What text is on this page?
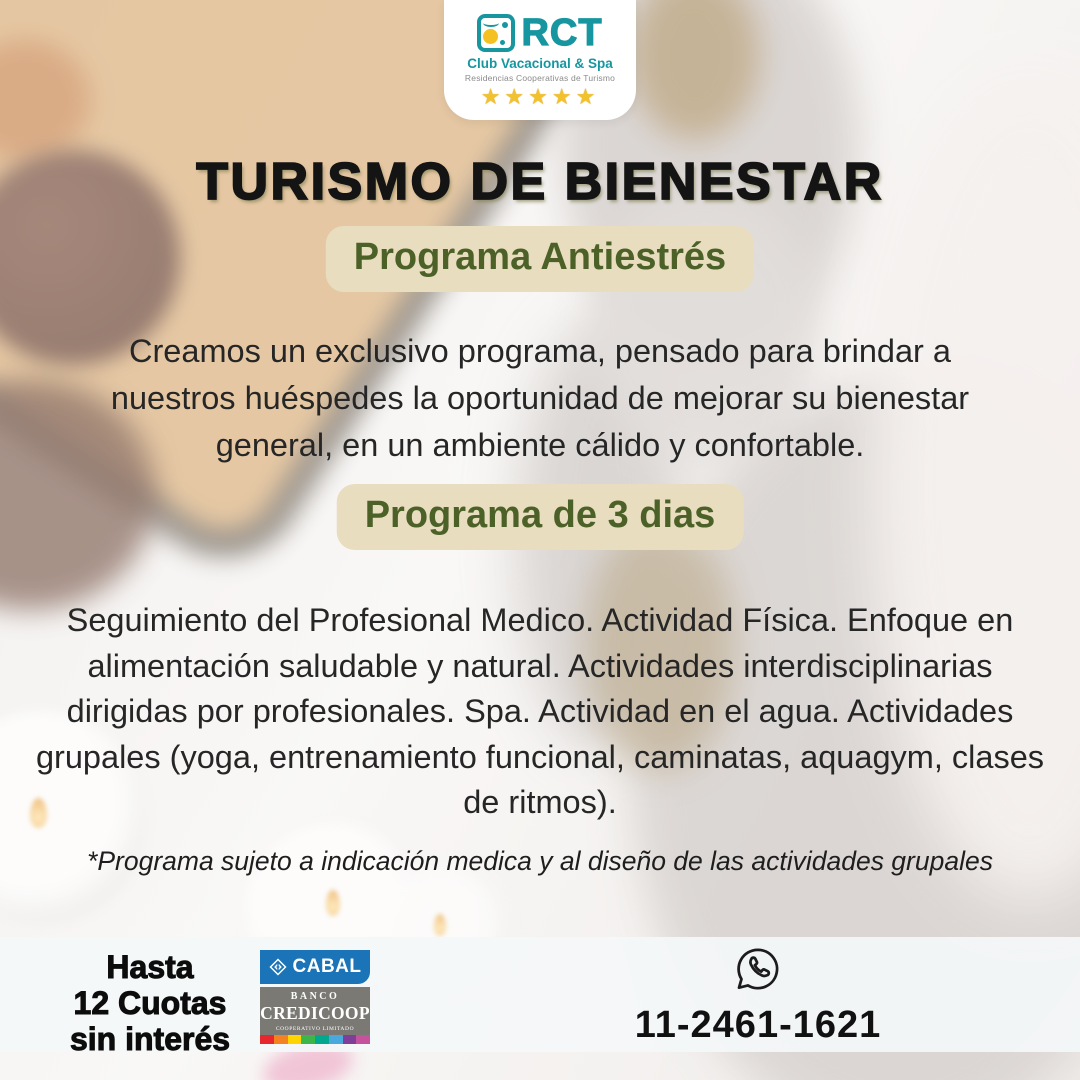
RCT
Club Vacacional & Spa
Residencias Cooperativas de Turismo
★★★★★
TURISMO DE BIENESTAR
Programa Antiestrés
Creamos un exclusivo programa, pensado para brindar a nuestros huéspedes la oportunidad de mejorar su bienestar general, en un ambiente cálido y confortable.
Programa de 3 dias
Seguimiento del Profesional Medico. Actividad Física. Enfoque en alimentación saludable y natural. Actividades interdisciplinarias dirigidas por profesionales. Spa. Actividad en el agua. Actividades grupales (yoga, entrenamiento funcional, caminatas, aquagym, clases de ritmos).
*Programa sujeto a indicación medica y al diseño de las actividades grupales
Hasta
12 Cuotas
sin interés
CABAL
BANCO
CREDICOOP
COOPERATIVO LIMITADO	11-2461-1621
